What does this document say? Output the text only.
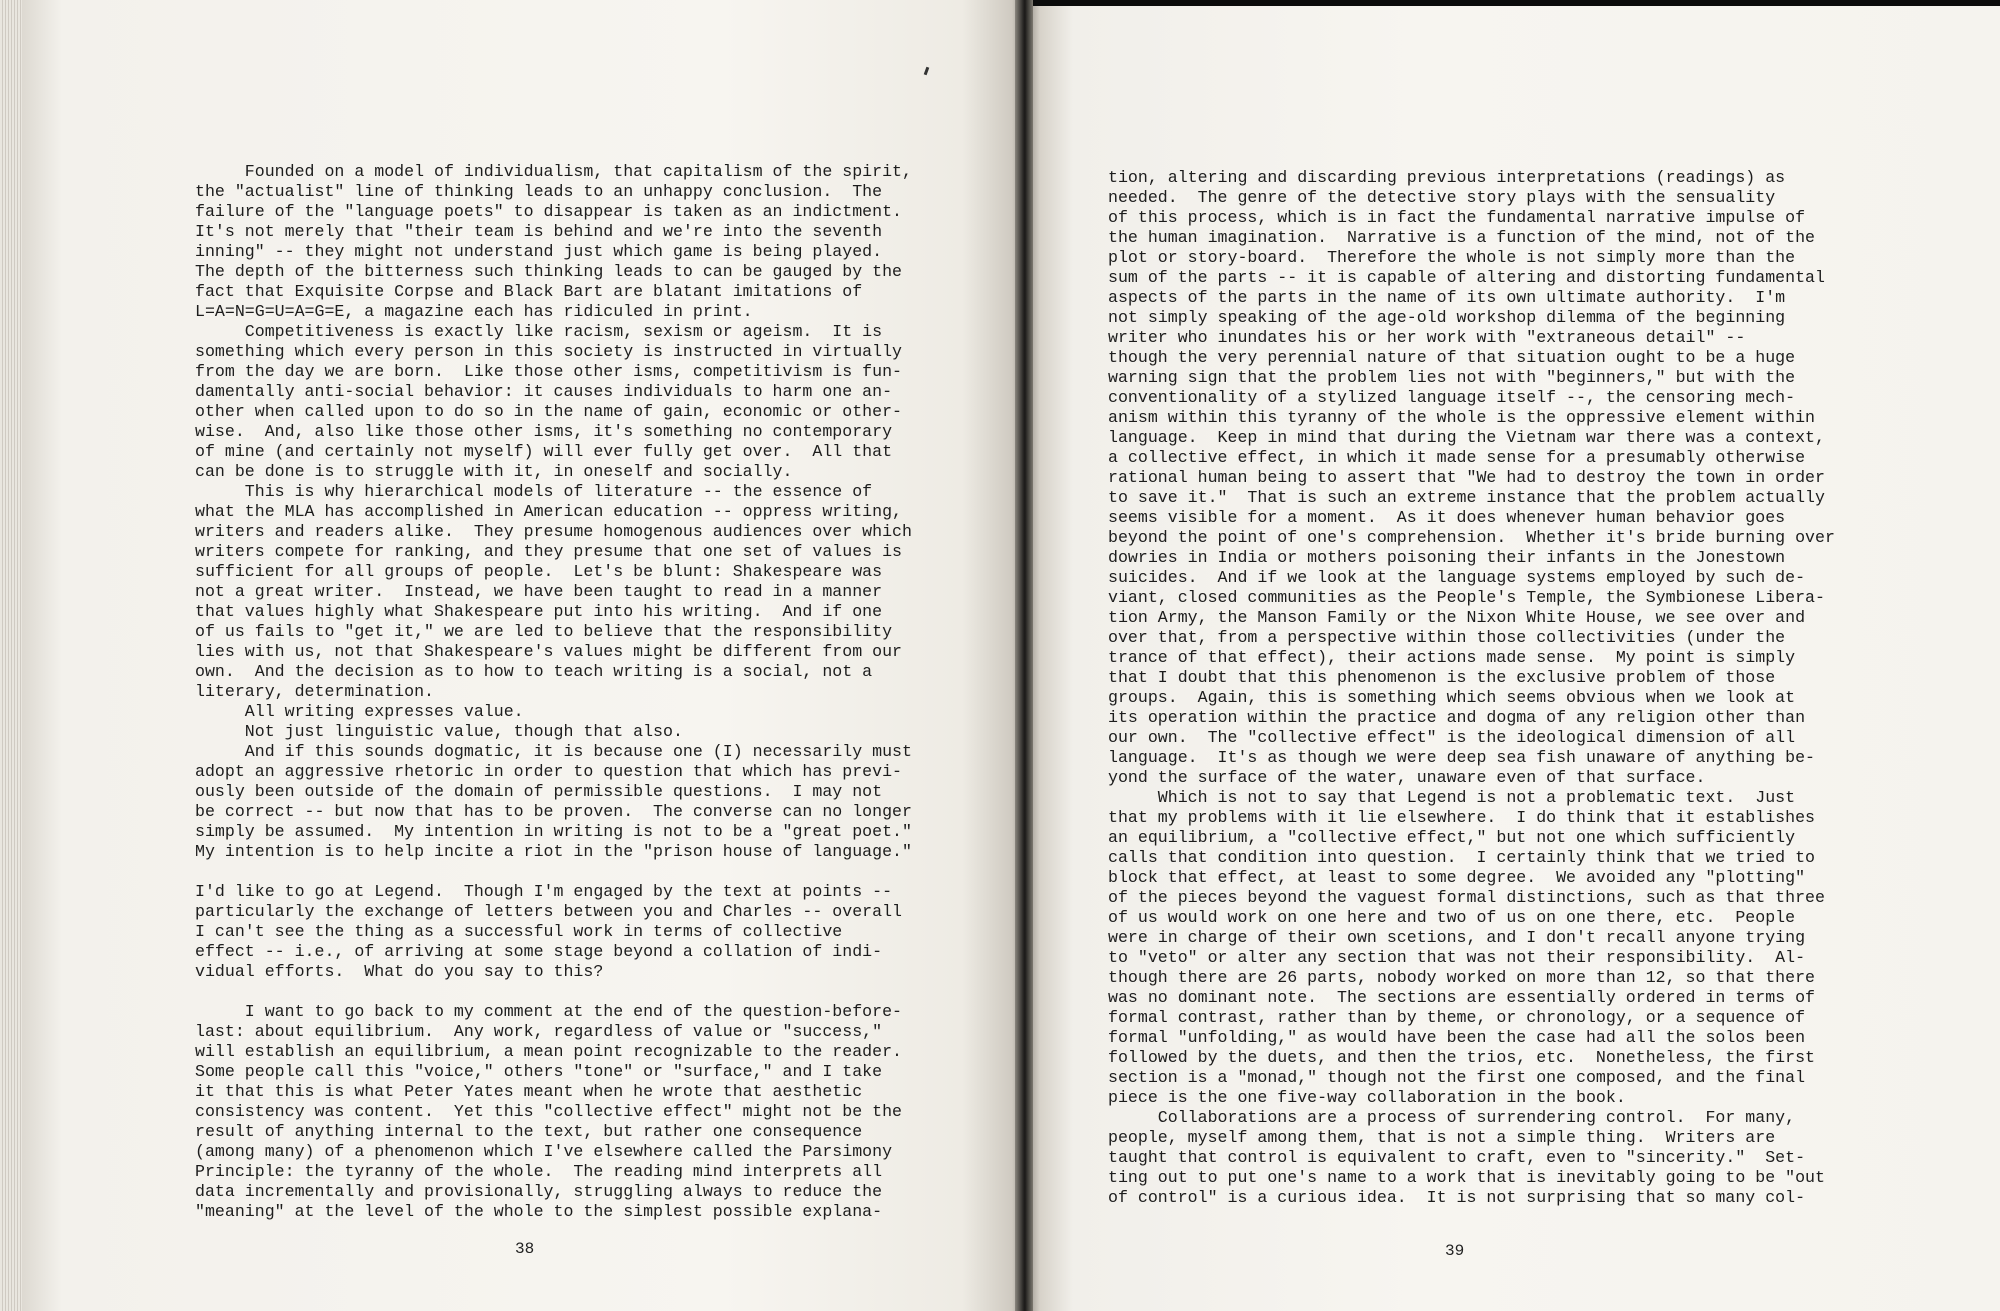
Founded on a model of individualism, that capitalism of the spirit,
the "actualist" line of thinking leads to an unhappy conclusion.  The
failure of the "language poets" to disappear is taken as an indictment.
It's not merely that "their team is behind and we're into the seventh
inning" -- they might not understand just which game is being played.
The depth of the bitterness such thinking leads to can be gauged by the
fact that Exquisite Corpse and Black Bart are blatant imitations of
L=A=N=G=U=A=G=E, a magazine each has ridiculed in print.
Competitiveness is exactly like racism, sexism or ageism.  It is
something which every person in this society is instructed in virtually
from the day we are born.  Like those other isms, competitivism is fun-
damentally anti-social behavior: it causes individuals to harm one an-
other when called upon to do so in the name of gain, economic or other-
wise.  And, also like those other isms, it's something no contemporary
of mine (and certainly not myself) will ever fully get over.  All that
can be done is to struggle with it, in oneself and socially.
This is why hierarchical models of literature -- the essence of
what the MLA has accomplished in American education -- oppress writing,
writers and readers alike.  They presume homogenous audiences over which
writers compete for ranking, and they presume that one set of values is
sufficient for all groups of people.  Let's be blunt: Shakespeare was
not a great writer.  Instead, we have been taught to read in a manner
that values highly what Shakespeare put into his writing.  And if one
of us fails to "get it," we are led to believe that the responsibility
lies with us, not that Shakespeare's values might be different from our
own.  And the decision as to how to teach writing is a social, not a
literary, determination.
All writing expresses value.
Not just linguistic value, though that also.
And if this sounds dogmatic, it is because one (I) necessarily must
adopt an aggressive rhetoric in order to question that which has previ-
ously been outside of the domain of permissible questions.  I may not
be correct -- but now that has to be proven.  The converse can no longer
simply be assumed.  My intention in writing is not to be a "great poet."
My intention is to help incite a riot in the "prison house of language."
I'd like to go at Legend.  Though I'm engaged by the text at points --
particularly the exchange of letters between you and Charles -- overall
I can't see the thing as a successful work in terms of collective
effect -- i.e., of arriving at some stage beyond a collation of indi-
vidual efforts.  What do you say to this?
I want to go back to my comment at the end of the question-before-
last: about equilibrium.  Any work, regardless of value or "success,"
will establish an equilibrium, a mean point recognizable to the reader.
Some people call this "voice," others "tone" or "surface," and I take
it that this is what Peter Yates meant when he wrote that aesthetic
consistency was content.  Yet this "collective effect" might not be the
result of anything internal to the text, but rather one consequence
(among many) of a phenomenon which I've elsewhere called the Parsimony
Principle: the tyranny of the whole.  The reading mind interprets all
data incrementally and provisionally, struggling always to reduce the
"meaning" at the level of the whole to the simplest possible explana-
tion, altering and discarding previous interpretations (readings) as
needed.  The genre of the detective story plays with the sensuality
of this process, which is in fact the fundamental narrative impulse of
the human imagination.  Narrative is a function of the mind, not of the
plot or story-board.  Therefore the whole is not simply more than the
sum of the parts -- it is capable of altering and distorting fundamental
aspects of the parts in the name of its own ultimate authority.  I'm
not simply speaking of the age-old workshop dilemma of the beginning
writer who inundates his or her work with "extraneous detail" --
though the very perennial nature of that situation ought to be a huge
warning sign that the problem lies not with "beginners," but with the
conventionality of a stylized language itself --, the censoring mech-
anism within this tyranny of the whole is the oppressive element within
language.  Keep in mind that during the Vietnam war there was a context,
a collective effect, in which it made sense for a presumably otherwise
rational human being to assert that "We had to destroy the town in order
to save it."  That is such an extreme instance that the problem actually
seems visible for a moment.  As it does whenever human behavior goes
beyond the point of one's comprehension.  Whether it's bride burning over
dowries in India or mothers poisoning their infants in the Jonestown
suicides.  And if we look at the language systems employed by such de-
viant, closed communities as the People's Temple, the Symbionese Libera-
tion Army, the Manson Family or the Nixon White House, we see over and
over that, from a perspective within those collectivities (under the
trance of that effect), their actions made sense.  My point is simply
that I doubt that this phenomenon is the exclusive problem of those
groups.  Again, this is something which seems obvious when we look at
its operation within the practice and dogma of any religion other than
our own.  The "collective effect" is the ideological dimension of all
language.  It's as though we were deep sea fish unaware of anything be-
yond the surface of the water, unaware even of that surface.
Which is not to say that Legend is not a problematic text.  Just
that my problems with it lie elsewhere.  I do think that it establishes
an equilibrium, a "collective effect," but not one which sufficiently
calls that condition into question.  I certainly think that we tried to
block that effect, at least to some degree.  We avoided any "plotting"
of the pieces beyond the vaguest formal distinctions, such as that three
of us would work on one here and two of us on one there, etc.  People
were in charge of their own scetions, and I don't recall anyone trying
to "veto" or alter any section that was not their responsibility.  Al-
though there are 26 parts, nobody worked on more than 12, so that there
was no dominant note.  The sections are essentially ordered in terms of
formal contrast, rather than by theme, or chronology, or a sequence of
formal "unfolding," as would have been the case had all the solos been
followed by the duets, and then the trios, etc.  Nonetheless, the first
section is a "monad," though not the first one composed, and the final
piece is the one five-way collaboration in the book.
Collaborations are a process of surrendering control.  For many,
people, myself among them, that is not a simple thing.  Writers are
taught that control is equivalent to craft, even to "sincerity."  Set-
ting out to put one's name to a work that is inevitably going to be "out
of control" is a curious idea.  It is not surprising that so many col-
38	39
